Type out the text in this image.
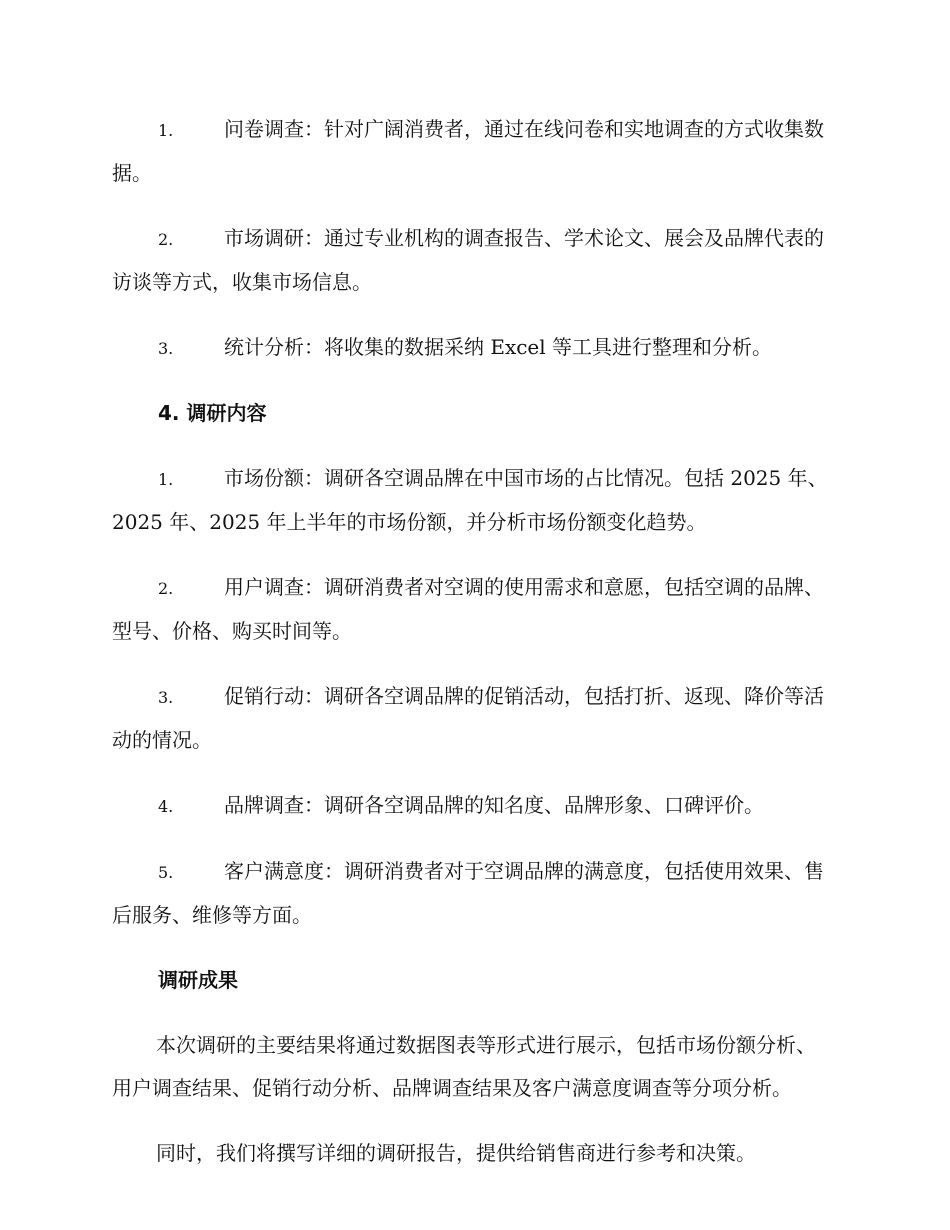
1.	问卷调查：针对广阔消费者，通过在线问卷和实地调查的方式收集数据。

2.	市场调研：通过专业机构的调查报告、学术论文、展会及品牌代表的访谈等方式，收集市场信息。

3.	统计分析：将收集的数据采纳 Excel 等工具进行整理和分析。

4. 调研内容

1.	市场份额：调研各空调品牌在中国市场的占比情况。包括 2025 年、2025 年、2025 年上半年的市场份额，并分析市场份额变化趋势。

2.	用户调查：调研消费者对空调的使用需求和意愿，包括空调的品牌、型号、价格、购买时间等。

3.	促销行动：调研各空调品牌的促销活动，包括打折、返现、降价等活动的情况。

4.	品牌调查：调研各空调品牌的知名度、品牌形象、口碑评价。

5.	客户满意度：调研消费者对于空调品牌的满意度，包括使用效果、售后服务、维修等方面。

调研成果

本次调研的主要结果将通过数据图表等形式进行展示，包括市场份额分析、用户调查结果、促销行动分析、品牌调查结果及客户满意度调查等分项分析。

同时，我们将撰写详细的调研报告，提供给销售商进行参考和决策。
